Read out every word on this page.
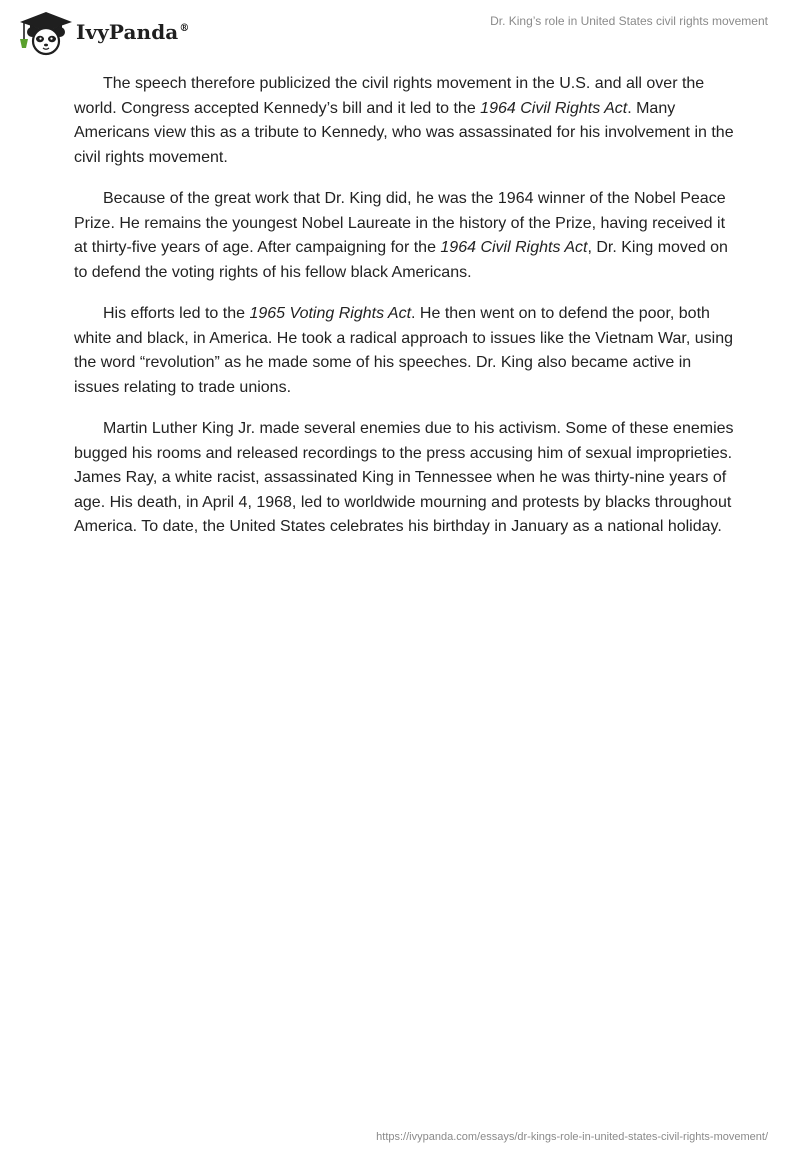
IvyPanda®
Dr. King’s role in United States civil rights movement

The speech therefore publicized the civil rights movement in the U.S. and all over the world. Congress accepted Kennedy’s bill and it led to the 1964 Civil Rights Act. Many Americans view this as a tribute to Kennedy, who was assassinated for his involvement in the civil rights movement.

Because of the great work that Dr. King did, he was the 1964 winner of the Nobel Peace Prize. He remains the youngest Nobel Laureate in the history of the Prize, having received it at thirty-five years of age. After campaigning for the 1964 Civil Rights Act, Dr. King moved on to defend the voting rights of his fellow black Americans.

His efforts led to the 1965 Voting Rights Act. He then went on to defend the poor, both white and black, in America. He took a radical approach to issues like the Vietnam War, using the word “revolution” as he made some of his speeches. Dr. King also became active in issues relating to trade unions.

Martin Luther King Jr. made several enemies due to his activism. Some of these enemies bugged his rooms and released recordings to the press accusing him of sexual improprieties. James Ray, a white racist, assassinated King in Tennessee when he was thirty-nine years of age. His death, in April 4, 1968, led to worldwide mourning and protests by blacks throughout America. To date, the United States celebrates his birthday in January as a national holiday.

https://ivypanda.com/essays/dr-kings-role-in-united-states-civil-rights-movement/
